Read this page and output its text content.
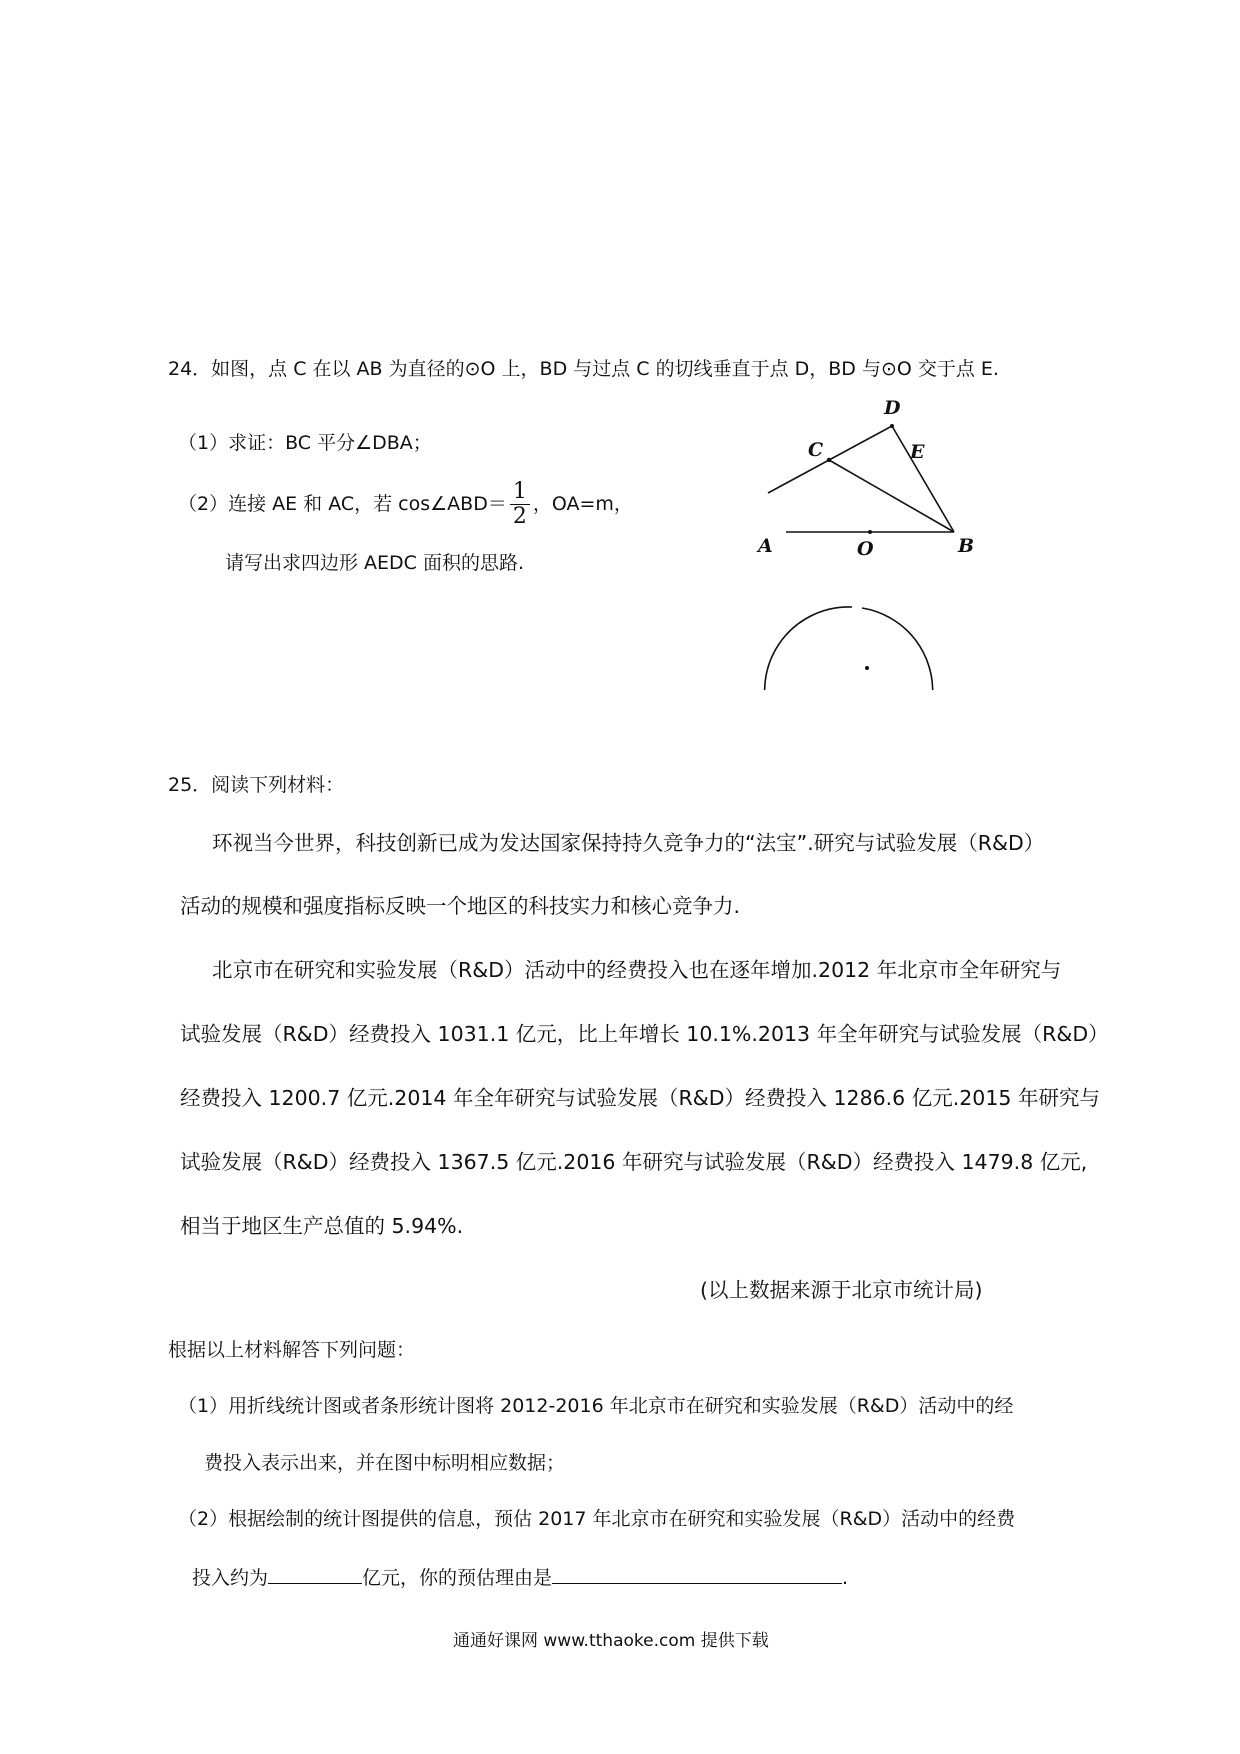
24．如图，点 C 在以 AB 为直径的⊙O 上，BD 与过点 C 的切线垂直于点 D，BD 与⊙O 交于点 E.
（1）求证：BC 平分∠DBA；
（2）连接 AE 和 AC，若 cos∠ABD＝ $\frac{1}{2}$ ，OA=m，
请写出求四边形 AEDC 面积的思路.
D
C	E
A	O	B
25．阅读下列材料：
环视当今世界，科技创新已成为发达国家保持持久竞争力的“法宝”.研究与试验发展（R&D）
活动的规模和强度指标反映一个地区的科技实力和核心竞争力.
北京市在研究和实验发展（R&D）活动中的经费投入也在逐年增加.2012 年北京市全年研究与
试验发展（R&D）经费投入 1031.1 亿元，比上年增长 10.1%.2013 年全年研究与试验发展（R&D）
经费投入 1200.7 亿元.2014 年全年研究与试验发展（R&D）经费投入 1286.6 亿元.2015 年研究与
试验发展（R&D）经费投入 1367.5 亿元.2016 年研究与试验发展（R&D）经费投入 1479.8 亿元,
相当于地区生产总值的 5.94%.
(以上数据来源于北京市统计局)
根据以上材料解答下列问题：
（1）用折线统计图或者条形统计图将 2012-2016 年北京市在研究和实验发展（R&D）活动中的经
费投入表示出来，并在图中标明相应数据；
（2）根据绘制的统计图提供的信息，预估 2017 年北京市在研究和实验发展（R&D）活动中的经费
投入约为	亿元，你的预估理由是	.
通通好课网 www.tthaoke.com 提供下载
